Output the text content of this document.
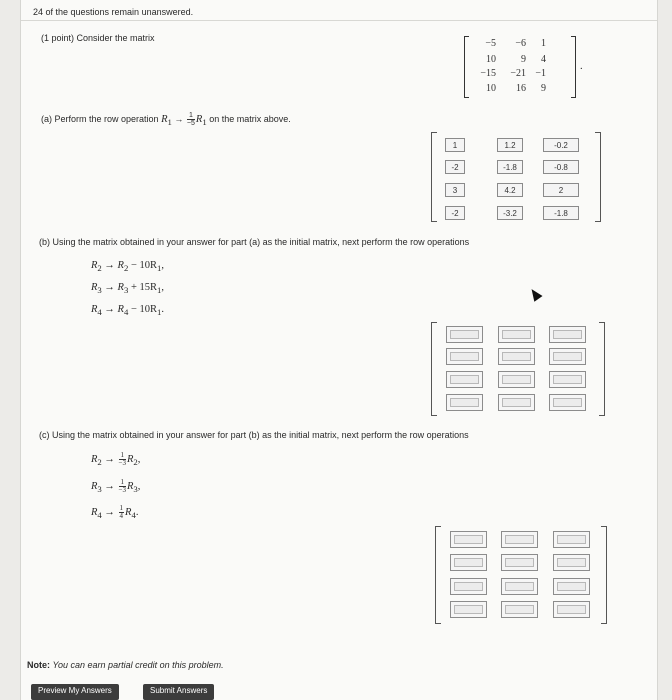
24 of the questions remain unanswered.
(1 point) Consider the matrix	−5	−6	1
10	9	4
−15	−21 −1
10	16	9
.
(a) Perform the row operation $R_1 \to \frac{1}{-5} R_1$ on the matrix above.
1	1.2	-0.2
-2	-1.8	-0.8
3	4.2	2
-2	-3.2	-1.8
(b) Using the matrix obtained in your answer for part (a) as the initial matrix, next perform the row operations
$R_2 \to R_2 - 10R_1$,
$R_3 \to R_3 + 15R_1$,
$R_4 \to R_4 - 10R_1$.
(c) Using the matrix obtained in your answer for part (b) as the initial matrix, next perform the row operations
$R_2 \to \frac{1}{-3} R_2$,
$R_3 \to \frac{1}{-3} R_3$,
$R_4 \to \frac{1}{4} R_4$.
Note: You can earn partial credit on this problem.
Preview My Answers	Submit Answers
